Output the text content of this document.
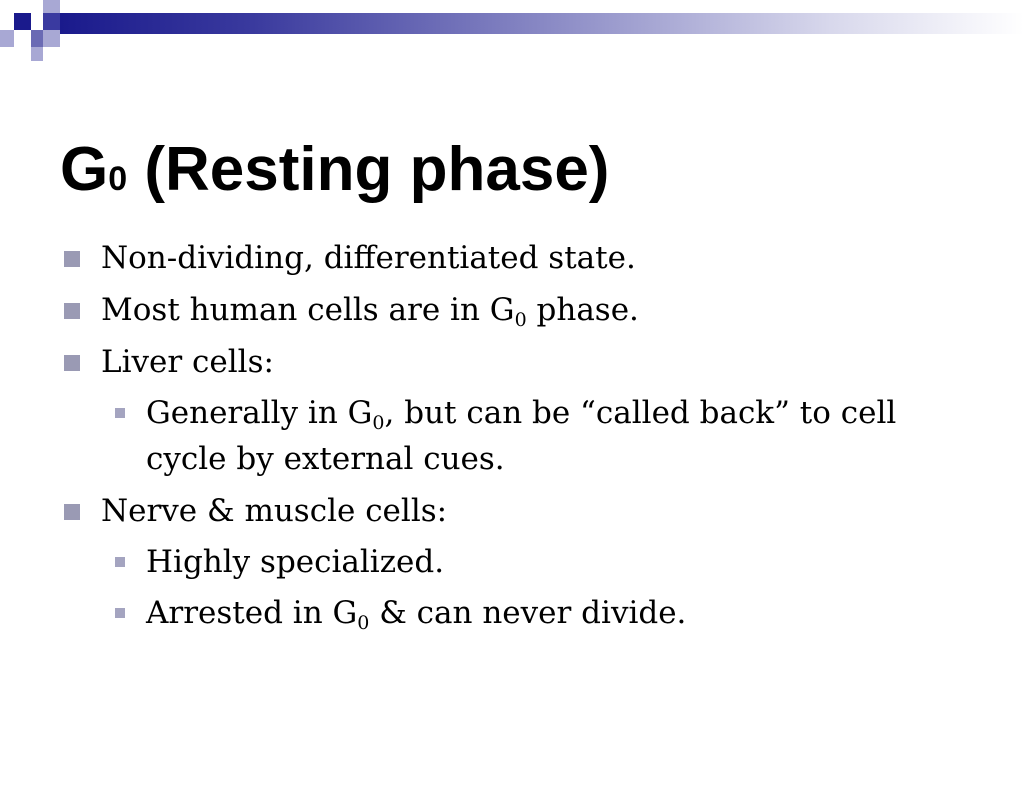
G0 (Resting phase)
Non-dividing, differentiated state.
Most human cells are in $G_0$ phase.
Liver cells:
Generally in $G_0$, but can be “called back” to cell
cycle by external cues.
Nerve & muscle cells:
Highly specialized.
Arrested in $G_0$ & can never divide.
